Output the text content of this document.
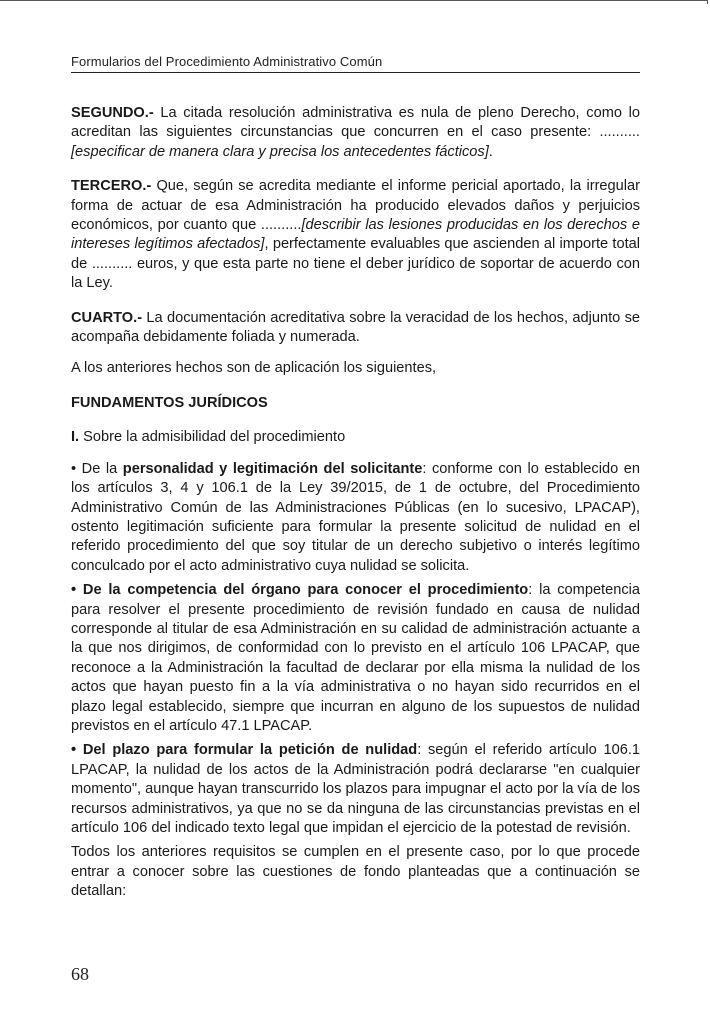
Formularios del Procedimiento Administrativo Común

SEGUNDO.- La citada resolución administrativa es nula de pleno Derecho, como lo acreditan las siguientes circunstancias que concurren en el caso presente: .......... [especificar de manera clara y precisa los antecedentes fácticos].

TERCERO.- Que, según se acredita mediante el informe pericial aportado, la irregular forma de actuar de esa Administración ha producido elevados daños y perjuicios económicos, por cuanto que ..........[describir las lesiones producidas en los derechos e intereses legítimos afectados], perfectamente evaluables que ascienden al importe total de .......... euros, y que esta parte no tiene el deber jurídico de soportar de acuerdo con la Ley.

CUARTO.- La documentación acreditativa sobre la veracidad de los hechos, adjunto se acompaña debidamente foliada y numerada.

A los anteriores hechos son de aplicación los siguientes,

FUNDAMENTOS JURÍDICOS

I. Sobre la admisibilidad del procedimiento

• De la personalidad y legitimación del solicitante: conforme con lo establecido en los artículos 3, 4 y 106.1 de la Ley 39/2015, de 1 de octubre, del Procedimiento Administrativo Común de las Administraciones Públicas (en lo sucesivo, LPACAP), ostento legitimación suficiente para formular la presente solicitud de nulidad en el referido procedimiento del que soy titular de un derecho subjetivo o interés legítimo conculcado por el acto administrativo cuya nulidad se solicita.

• De la competencia del órgano para conocer el procedimiento: la competencia para resolver el presente procedimiento de revisión fundado en causa de nulidad corresponde al titular de esa Administración en su calidad de administración actuante a la que nos dirigimos, de conformidad con lo previsto en el artículo 106 LPACAP, que reconoce a la Administración la facultad de declarar por ella misma la nulidad de los actos que hayan puesto fin a la vía administrativa o no hayan sido recurridos en el plazo legal establecido, siempre que incurran en alguno de los supuestos de nulidad previstos en el artículo 47.1 LPACAP.

• Del plazo para formular la petición de nulidad: según el referido artículo 106.1 LPACAP, la nulidad de los actos de la Administración podrá declararse "en cualquier momento", aunque hayan transcurrido los plazos para impugnar el acto por la vía de los recursos administrativos, ya que no se da ninguna de las circunstancias previstas en el artículo 106 del indicado texto legal que impidan el ejercicio de la potestad de revisión.

Todos los anteriores requisitos se cumplen en el presente caso, por lo que procede entrar a conocer sobre las cuestiones de fondo planteadas que a continuación se detallan:

68
